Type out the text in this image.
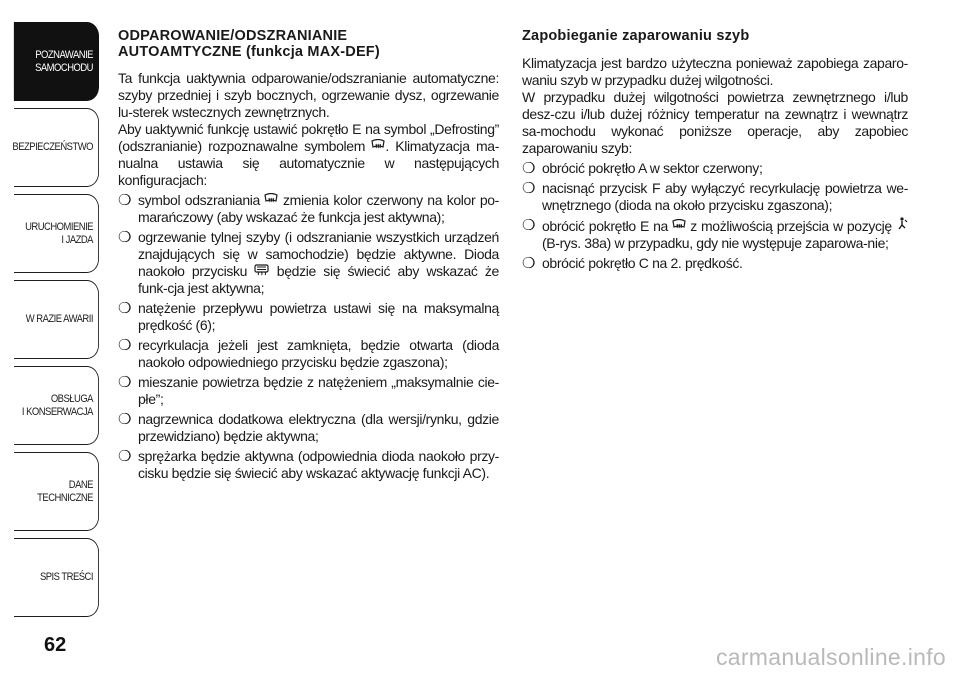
POZNAWANIE
SAMOCHODU
BEZPIECZEŃSTWO
URUCHOMIENIE
I JAZDA
W RAZIE AWARII
OBSŁUGA
I KONSERWACJA
DANE
TECHNICZNE
SPIS TREŚCI
62
ODPAROWANIE/ODSZRANIANIE
AUTOAMTYCZNE (funkcja MAX-DEF)

Ta funkcja uaktywnia odparowanie/odszranianie automatyczne: szyby przedniej i szyb bocznych, ogrzewanie dysz, ogrzewanie lu-sterek wstecznych zewnętrznych.

Aby uaktywnić funkcję ustawić pokrętło E na symbol „Defrosting” (odszranianie) rozpoznawalne symbolem . Klimatyzacja ma-nualna ustawia się automatycznie w następujących konfiguracjach:

❍ symbol odszraniania  zmienia kolor czerwony na kolor po-marańczowy (aby wskazać że funkcja jest aktywna);
❍ ogrzewanie tylnej szyby (i odszranianie wszystkich urządzeń znajdujących się w samochodzie) będzie aktywne. Dioda naokoło przycisku  będzie się świecić aby wskazać że funk-cja jest aktywna;
❍ natężenie przepływu powietrza ustawi się na maksymalną prędkość (6);
❍ recyrkulacja jeżeli jest zamknięta, będzie otwarta (dioda naokoło odpowiedniego przycisku będzie zgaszona);
❍ mieszanie powietrza będzie z natężeniem „maksymalnie cie-płe”;
❍ nagrzewnica dodatkowa elektryczna (dla wersji/rynku, gdzie przewidziano) będzie aktywna;
❍ sprężarka będzie aktywna (odpowiednia dioda naokoło przy-cisku będzie się świecić aby wskazać aktywację funkcji AC).
Zapobieganie zaparowaniu szyb

Klimatyzacja jest bardzo użyteczna ponieważ zapobiega zaparo-waniu szyb w przypadku dużej wilgotności.

W przypadku dużej wilgotności powietrza zewnętrznego i/lub desz-czu i/lub dużej różnicy temperatur na zewnątrz i wewnątrz sa-mochodu wykonać poniższe operacje, aby zapobiec zaparowaniu szyb:

❍ obrócić pokrętło A w sektor czerwony;
❍ nacisnąć przycisk F aby wyłączyć recyrkulację powietrza we-wnętrznego (dioda na około przycisku zgaszona);
❍ obrócić pokrętło E na  z możliwością przejścia w pozycję  (B-rys. 38a) w przypadku, gdy nie występuje zaparowa-nie;
❍ obrócić pokrętło C na 2. prędkość.
carmanualsonline.info
